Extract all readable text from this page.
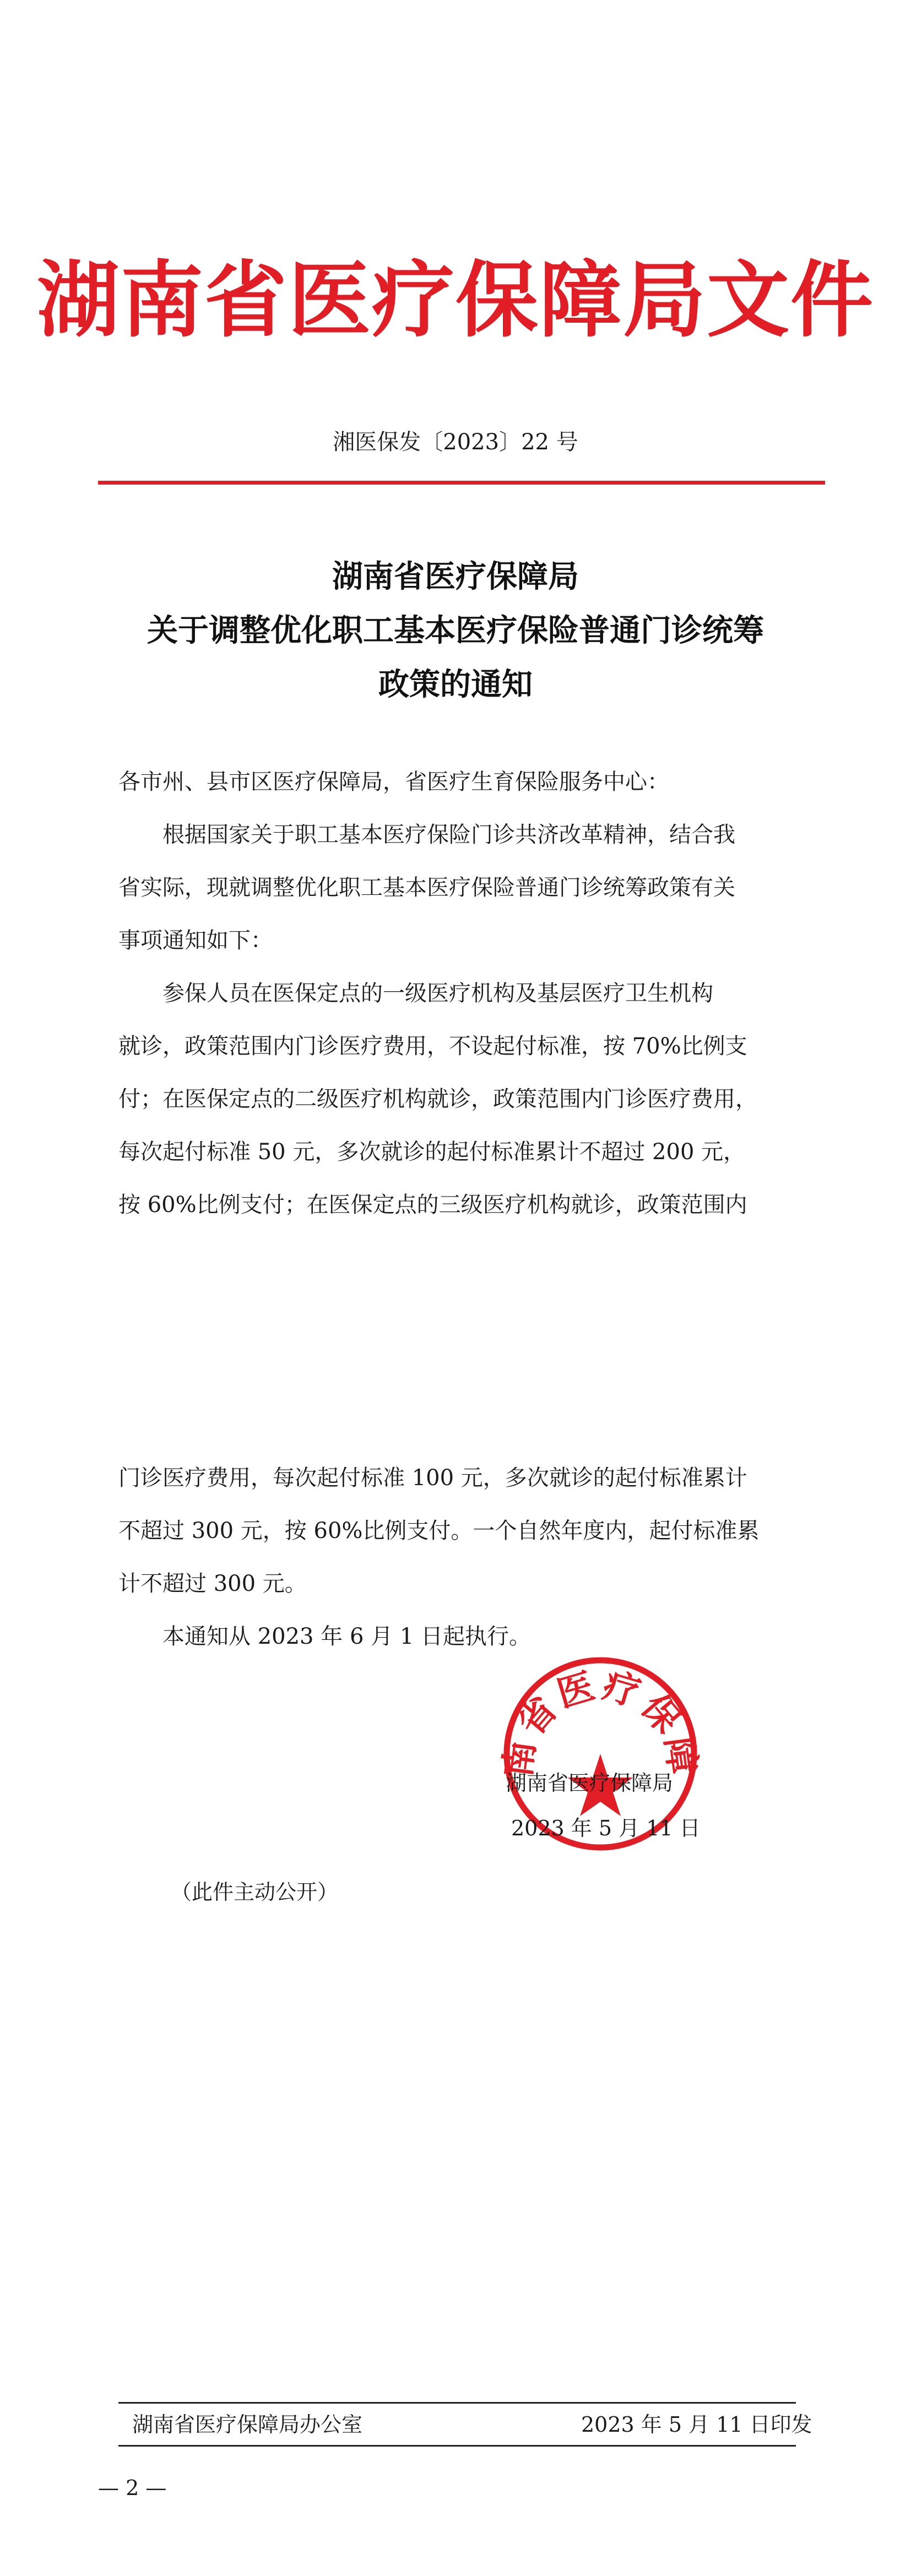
湖南省医疗保障局文件
湘医保发〔2023〕22 号
湖南省医疗保障局
关于调整优化职工基本医疗保险普通门诊统筹
政策的通知
各市州、县市区医疗保障局，省医疗生育保险服务中心：
根据国家关于职工基本医疗保险门诊共济改革精神，结合我
省实际，现就调整优化职工基本医疗保险普通门诊统筹政策有关
事项通知如下：
参保人员在医保定点的一级医疗机构及基层医疗卫生机构
就诊，政策范围内门诊医疗费用，不设起付标准，按 70%比例支
付；在医保定点的二级医疗机构就诊，政策范围内门诊医疗费用，
每次起付标准 50 元，多次就诊的起付标准累计不超过 200 元，
按 60%比例支付；在医保定点的三级医疗机构就诊，政策范围内
门诊医疗费用，每次起付标准 100 元，多次就诊的起付标准累计
不超过 300 元，按 60%比例支付。一个自然年度内，起付标准累
计不超过 300 元。
本通知从 2023 年 6 月 1 日起执行。
南省医疗保障
湖南省医疗保障局
2023 年 5 月 11 日
（此件主动公开）
湖南省医疗保障局办公室	2023 年 5 月 11 日印发
— 2 —
